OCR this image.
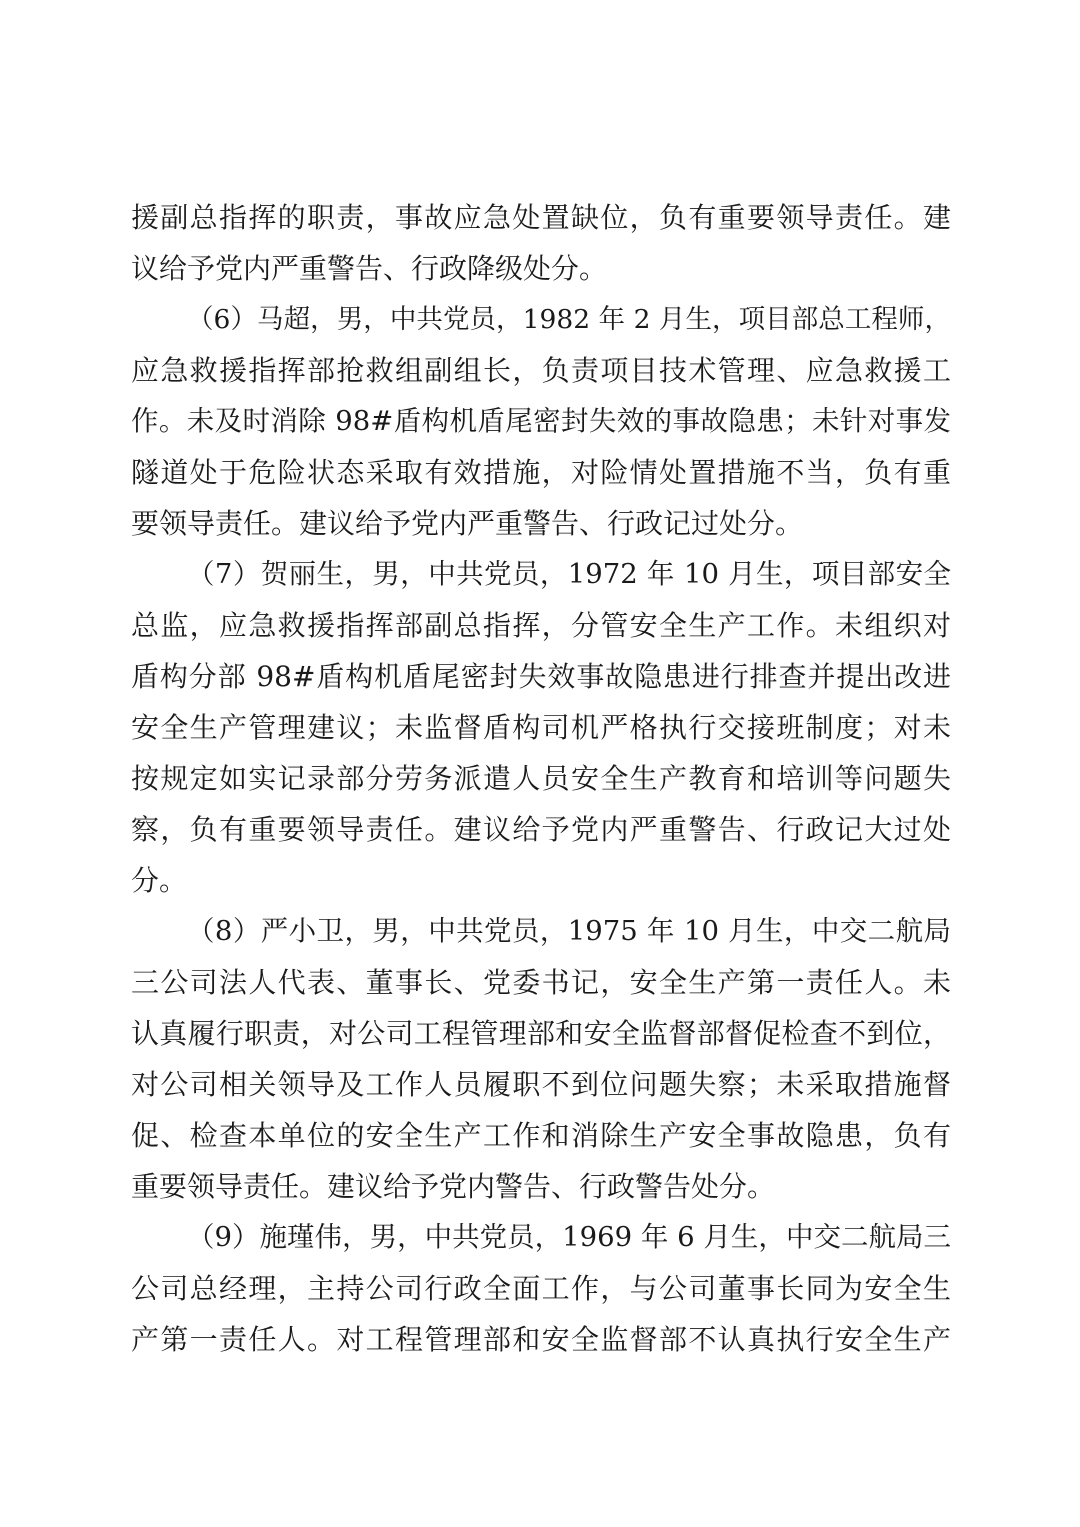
援副总指挥的职责，事故应急处置缺位，负有重要领导责任。建
议给予党内严重警告、行政降级处分。
（6）马超，男，中共党员，1982 年 2 月生，项目部总工程师，
应急救援指挥部抢救组副组长，负责项目技术管理、应急救援工
作。未及时消除 98#盾构机盾尾密封失效的事故隐患；未针对事发
隧道处于危险状态采取有效措施，对险情处置措施不当，负有重
要领导责任。建议给予党内严重警告、行政记过处分。
（7）贺丽生，男，中共党员，1972 年 10 月生，项目部安全
总监，应急救援指挥部副总指挥，分管安全生产工作。未组织对
盾构分部 98#盾构机盾尾密封失效事故隐患进行排查并提出改进
安全生产管理建议；未监督盾构司机严格执行交接班制度；对未
按规定如实记录部分劳务派遣人员安全生产教育和培训等问题失
察，负有重要领导责任。建议给予党内严重警告、行政记大过处
分。
（8）严小卫，男，中共党员，1975 年 10 月生，中交二航局
三公司法人代表、董事长、党委书记，安全生产第一责任人。未
认真履行职责，对公司工程管理部和安全监督部督促检查不到位，
对公司相关领导及工作人员履职不到位问题失察；未采取措施督
促、检查本单位的安全生产工作和消除生产安全事故隐患，负有
重要领导责任。建议给予党内警告、行政警告处分。
（9）施瑾伟，男，中共党员，1969 年 6 月生，中交二航局三
公司总经理，主持公司行政全面工作，与公司董事长同为安全生
产第一责任人。对工程管理部和安全监督部不认真执行安全生产
